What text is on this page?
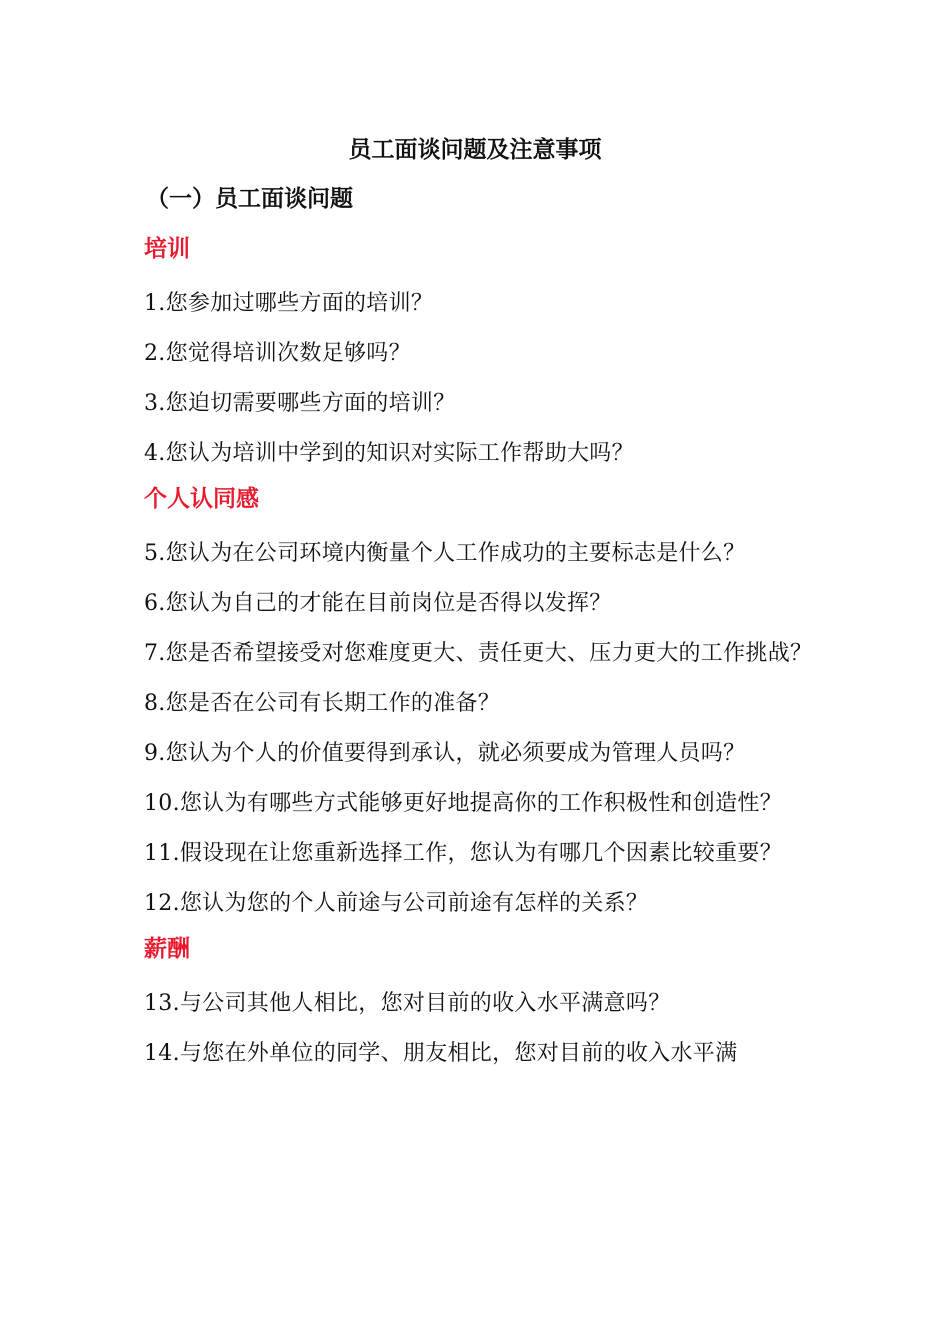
员工面谈问题及注意事项
（一）员工面谈问题
培训
1.您参加过哪些方面的培训？
2.您觉得培训次数足够吗？
3.您迫切需要哪些方面的培训？
4.您认为培训中学到的知识对实际工作帮助大吗？
个人认同感
5.您认为在公司环境内衡量个人工作成功的主要标志是什么？
6.您认为自己的才能在目前岗位是否得以发挥？
7.您是否希望接受对您难度更大、责任更大、压力更大的工作挑战？
8.您是否在公司有长期工作的准备？
9.您认为个人的价值要得到承认，就必须要成为管理人员吗？
10.您认为有哪些方式能够更好地提高你的工作积极性和创造性？
11.假设现在让您重新选择工作，您认为有哪几个因素比较重要？
12.您认为您的个人前途与公司前途有怎样的关系？
薪酬
13.与公司其他人相比，您对目前的收入水平满意吗？
14.与您在外单位的同学、朋友相比，您对目前的收入水平满
